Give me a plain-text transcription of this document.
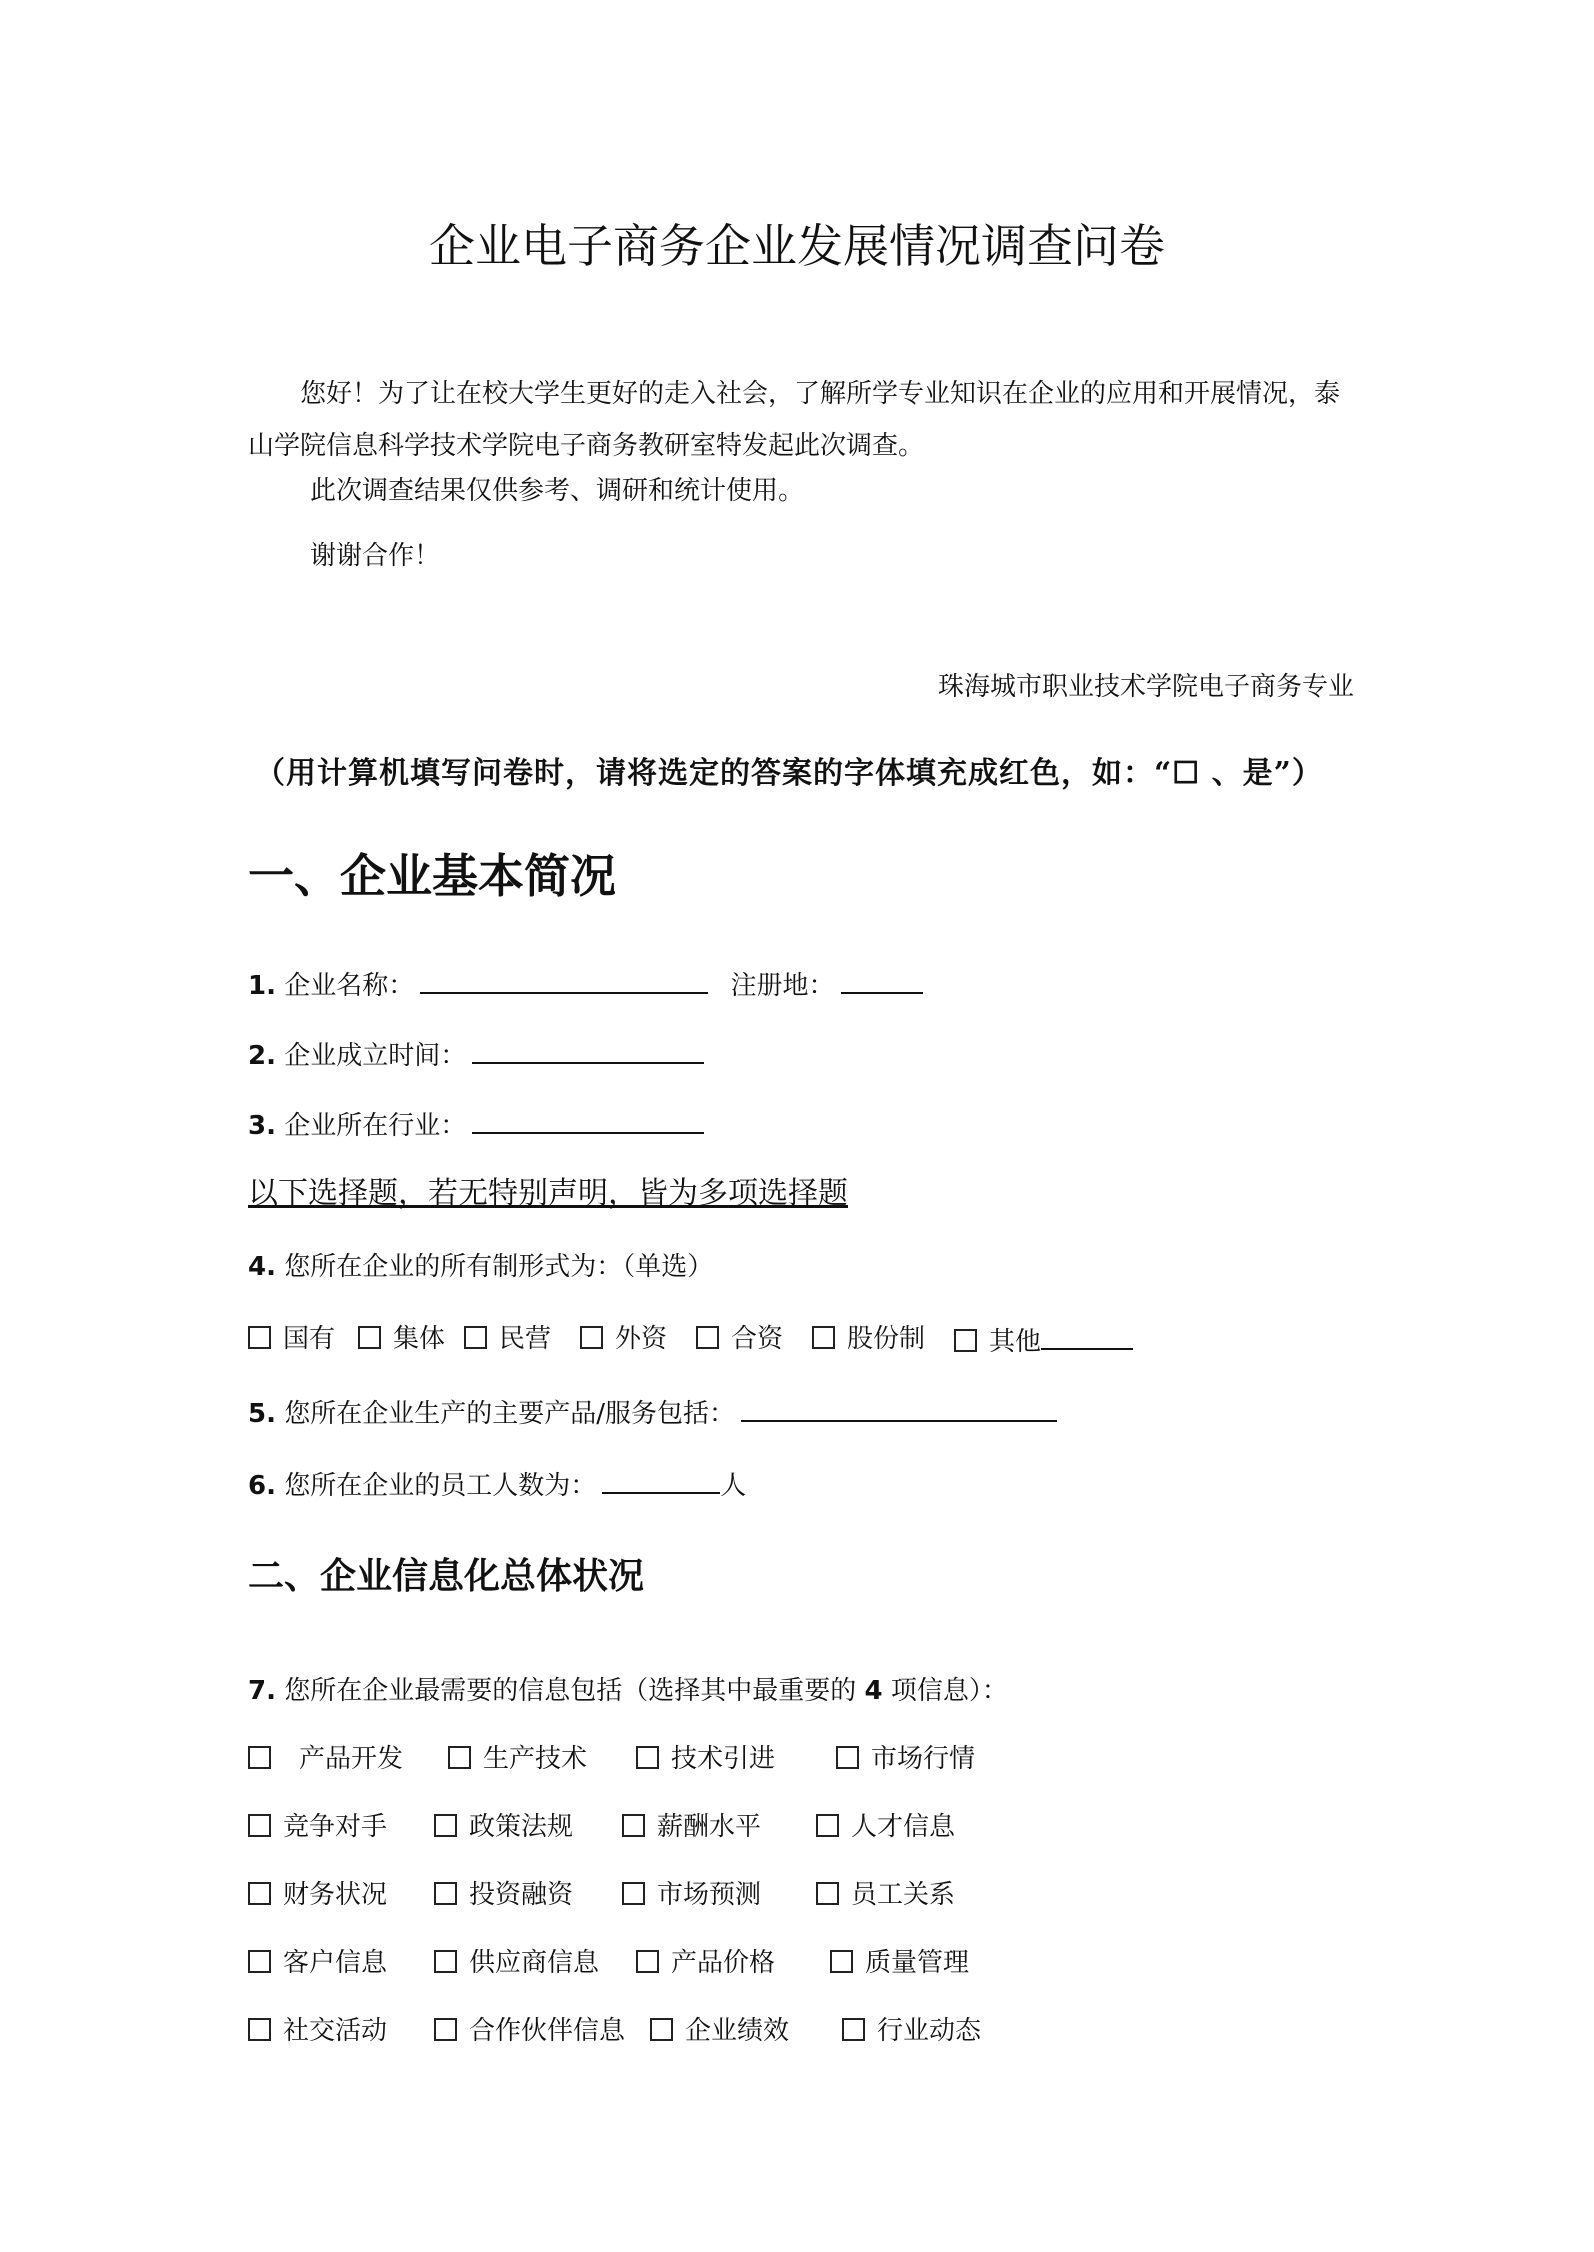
企业电子商务企业发展情况调查问卷

您好！为了让在校大学生更好的走入社会，了解所学专业知识在企业的应用和开展情况，泰山学院信息科学技术学院电子商务教研室特发起此次调查。

此次调查结果仅供参考、调研和统计使用。
谢谢合作！
珠海城市职业技术学院电子商务专业
（用计算机填写问卷时，请将选定的答案的字体填充成红色，如：“☐ 、是”）
一、企业基本简况
1. 企业名称：	注册地：
2. 企业成立时间：
3. 企业所在行业：
以下选择题，若无特别声明，皆为多项选择题
4. 您所在企业的所有制形式为：（单选）
国有	集体	民营	外资	合资	股份制	其他
5. 您所在企业生产的主要产品/服务包括：
6. 您所在企业的员工人数为：	人
二、企业信息化总体状况
7. 您所在企业最需要的信息包括（选择其中最重要的 4 项信息）：
产品开发	生产技术	技术引进	市场行情
竞争对手	政策法规	薪酬水平	人才信息
财务状况	投资融资	市场预测	员工关系
客户信息	供应商信息	产品价格	质量管理
社交活动	合作伙伴信息	企业绩效	行业动态
